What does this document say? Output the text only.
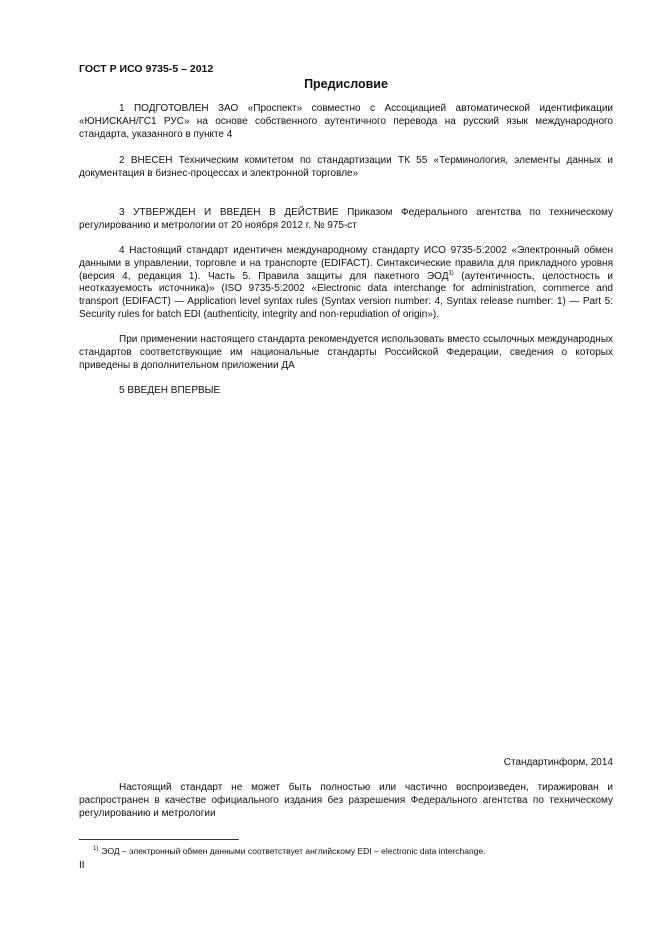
ГОСТ Р ИСО 9735-5 – 2012
Предисловие

1 ПОДГОТОВЛЕН ЗАО «Проспект» совместно с Ассоциацией автоматической идентификации «ЮНИСКАН/ГС1 РУС» на основе собственного аутентичного перевода на русский язык международного стандарта, указанного в пункте 4

2 ВНЕСЕН Техническим комитетом по стандартизации ТК 55 «Терминология, элементы данных и документация в бизнес-процессах и электронной торговле»

3 УТВЕРЖДЕН И ВВЕДЕН В ДЕЙСТВИЕ Приказом Федерального агентства по техническому регулированию и метрологии от 20 ноября 2012 г. № 975-ст

4 Настоящий стандарт идентичен международному стандарту ИСО 9735-5:2002 «Электронный обмен данными в управлении, торговле и на транспорте (EDIFACT). Синтаксические правила для прикладного уровня (версия 4, редакция 1). Часть 5. Правила защиты для пакетного ЭОД$^{1)}$ (аутентичность, целостность и неотказуемость источника)» (ISO 9735-5:2002 «Electronic data interchange for administration, commerce and transport (EDIFACT) — Application level syntax rules (Syntax version number: 4, Syntax release number: 1) — Part 5: Security rules for batch EDI (authenticity, integrity and non-repudiation of origin»).

При применении настоящего стандарта рекомендуется использовать вместо ссылочных международных стандартов соответствующие им национальные стандарты Российской Федерации, сведения о которых приведены в дополнительном приложении ДА

5 ВВЕДЕН ВПЕРВЫЕ

Стандартинформ, 2014

Настоящий стандарт не может быть полностью или частично воспроизведен, тиражирован и распространен в качестве официального издания без разрешения Федерального агентства по техническому регулированию и метрологии

$^{1)}$ ЭОД – электронный обмен данными соответствует английскому EDI – electronic data interchange.
II
